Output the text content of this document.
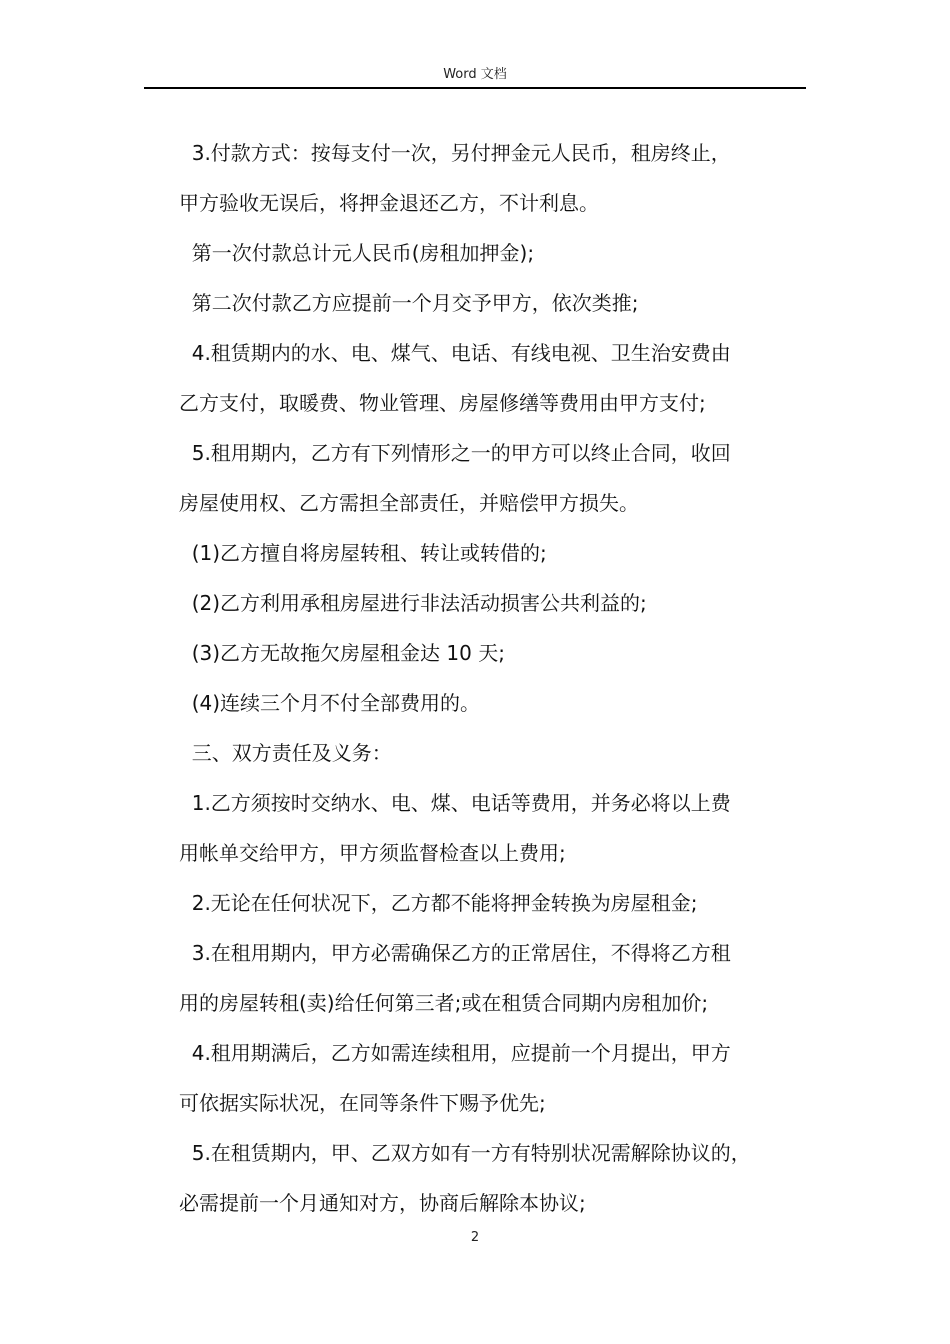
Word 文档

3.付款方式：按每支付一次，另付押金元人民币，租房终止，

甲方验收无误后，将押金退还乙方，不计利息。

第一次付款总计元人民币(房租加押金);

第二次付款乙方应提前一个月交予甲方，依次类推;

4.租赁期内的水、电、煤气、电话、有线电视、卫生治安费由

乙方支付，取暖费、物业管理、房屋修缮等费用由甲方支付;

5.租用期内，乙方有下列情形之一的甲方可以终止合同，收回

房屋使用权、乙方需担全部责任，并赔偿甲方损失。

(1)乙方擅自将房屋转租、转让或转借的;

(2)乙方利用承租房屋进行非法活动损害公共利益的;

(3)乙方无故拖欠房屋租金达 10 天;

(4)连续三个月不付全部费用的。

三、双方责任及义务：

1.乙方须按时交纳水、电、煤、电话等费用，并务必将以上费

用帐单交给甲方，甲方须监督检查以上费用;

2.无论在任何状况下，乙方都不能将押金转换为房屋租金;

3.在租用期内，甲方必需确保乙方的正常居住，不得将乙方租

用的房屋转租(卖)给任何第三者;或在租赁合同期内房租加价;

4.租用期满后，乙方如需连续租用，应提前一个月提出，甲方

可依据实际状况，在同等条件下赐予优先;

5.在租赁期内，甲、乙双方如有一方有特别状况需解除协议的，

必需提前一个月通知对方，协商后解除本协议;

2
